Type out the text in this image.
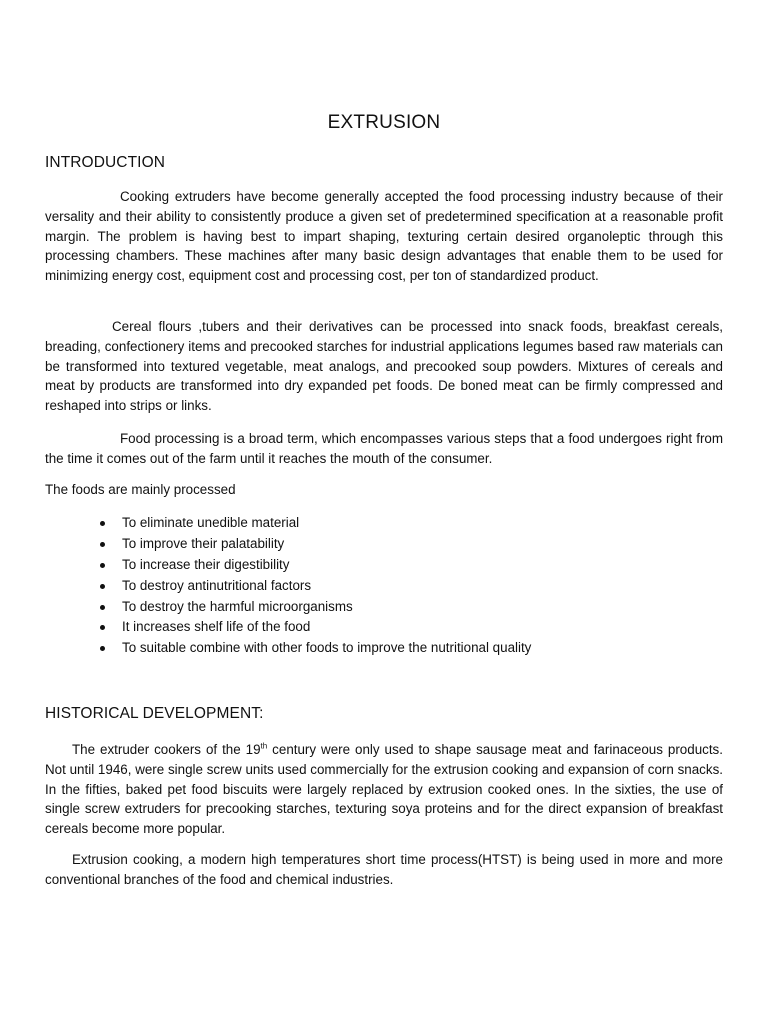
EXTRUSION
INTRODUCTION

Cooking extruders have become generally accepted the food processing industry because of their versality and their ability to consistently produce a given set of predetermined specification at a reasonable profit margin. The problem is having best to impart shaping, texturing certain desired organoleptic through this processing chambers. These machines after many basic design advantages that enable them to be used for minimizing energy cost, equipment cost and processing cost, per ton of standardized product.

Cereal flours ,tubers and their derivatives can be processed into snack foods, breakfast cereals, breading, confectionery items and precooked starches for industrial applications legumes based raw materials can be transformed into textured vegetable, meat analogs, and precooked soup powders. Mixtures of cereals and meat by products are transformed into dry expanded pet foods. De boned meat can be firmly compressed and reshaped into strips or links.

Food processing is a broad term, which encompasses various steps that a food undergoes right from the time it comes out of the farm until it reaches the mouth of the consumer.

The foods are mainly processed

To eliminate unedible material
To improve their palatability
To increase their digestibility
To destroy antinutritional factors
To destroy the harmful microorganisms
It increases shelf life of the food
To suitable combine with other foods to improve the nutritional quality
HISTORICAL DEVELOPMENT:

The extruder cookers of the 19th century were only used to shape sausage meat and farinaceous products. Not until 1946, were single screw units used commercially for the extrusion cooking and expansion of corn snacks. In the fifties, baked pet food biscuits were largely replaced by extrusion cooked ones. In the sixties, the use of single screw extruders for precooking starches, texturing soya proteins and for the direct expansion of breakfast cereals become more popular.

Extrusion cooking, a modern high temperatures short time process(HTST) is being used in more and more conventional branches of the food and chemical industries.
